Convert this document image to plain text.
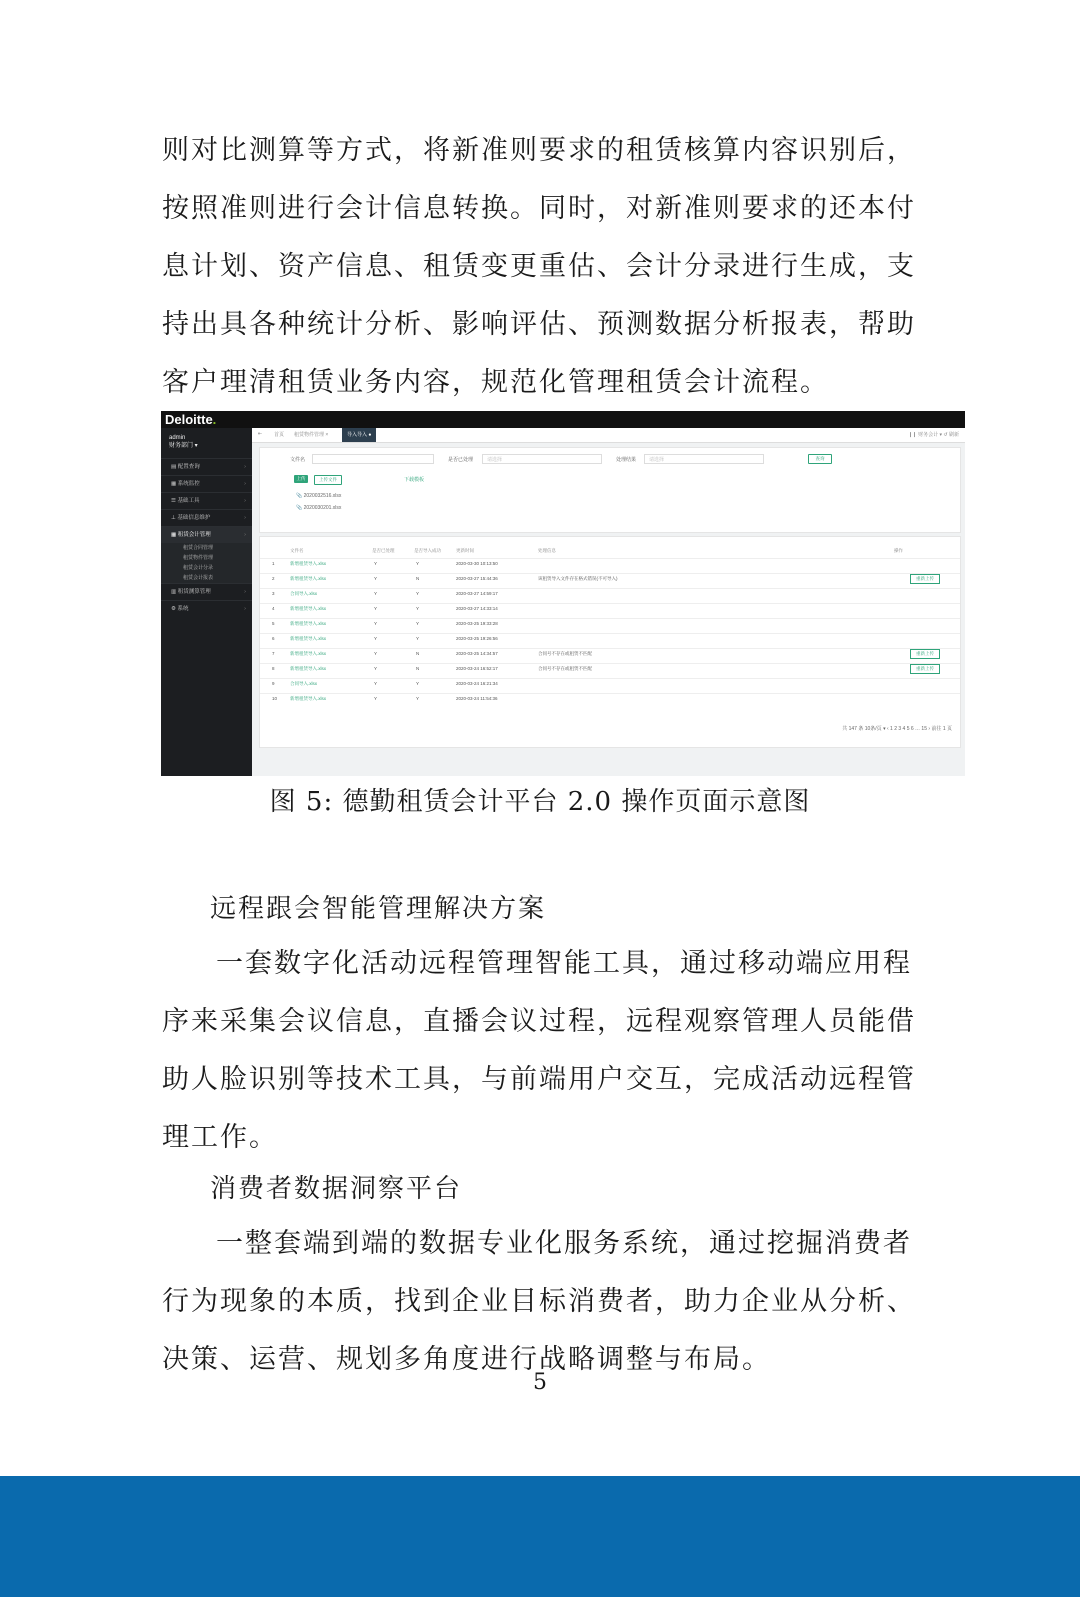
则对比测算等方式，将新准则要求的租赁核算内容识别后，按照准则进行会计信息转换。同时，对新准则要求的还本付息计划、资产信息、租赁变更重估、会计分录进行生成，支持出具各种统计分析、影响评估、预测数据分析报表，帮助客户理清租赁业务内容，规范化管理租赁会计流程。
Deloitte.
admin
财务部门 ▾
▤ 配置查询	›
▦ 系统监控	›
☰ 基础工具	›
⊥ 基础信息维护	›
▦ 租赁会计管理	›
租赁合同管理
租赁物件管理
租赁会计分录
租赁会计报表
▥ 租赁测算管理	›
⚙ 系统	›
⇤ 首页 租赁物件管理 ×	导入导入 ●	❙❙ 财务会计 ▾ ↺ 刷新
文件名	是否已处理	请选择	处理结果	请选择	查询
上传	上传文件	下载模板
📎 2020032516.xlsx
📎 2020030201.xlsx
文件名	是否已处理	是否导入成功	更新时间	处理信息	操作
1	新增租赁导入.xlsx	Y	Y	2020-03-30 10:13:50
2	新增租赁导入.xlsx	Y	N	2020-03-27 15:44:36	该租赁导入文件存在格式错误(不可导入)	重新上传
3	合同导入.xlsx	Y	Y	2020-03-27 14:59:17
4	新增租赁导入.xlsx	Y	Y	2020-03-27 14:33:14
5	新增租赁导入.xlsx	Y	Y	2020-03-25 19:33:28
6	新增租赁导入.xlsx	Y	Y	2020-03-25 19:26:56
7	新增租赁导入.xlsx	Y	N	2020-03-25 14:34:57	合同号不存在或租赁不匹配	重新上传
8	新增租赁导入.xlsx	Y	N	2020-03-24 16:52:17	合同号不存在或租赁不匹配	重新上传
9	合同导入.xlsx	Y	Y	2020-03-24 16:21:34
10	新增租赁导入.xlsx	Y	Y	2020-03-24 11:54:36
共 147 条 10条/页 ▾ ‹ 1 2 3 4 5 6 … 15 › 前往 1 页
图 5: 德勤租赁会计平台 2.0 操作页面示意图
远程跟会智能管理解决方案
一套数字化活动远程管理智能工具，通过移动端应用程序来采集会议信息，直播会议过程，远程观察管理人员能借助人脸识别等技术工具，与前端用户交互，完成活动远程管理工作。
消费者数据洞察平台
一整套端到端的数据专业化服务系统，通过挖掘消费者行为现象的本质，找到企业目标消费者，助力企业从分析、决策、运营、规划多角度进行战略调整与布局。
5
